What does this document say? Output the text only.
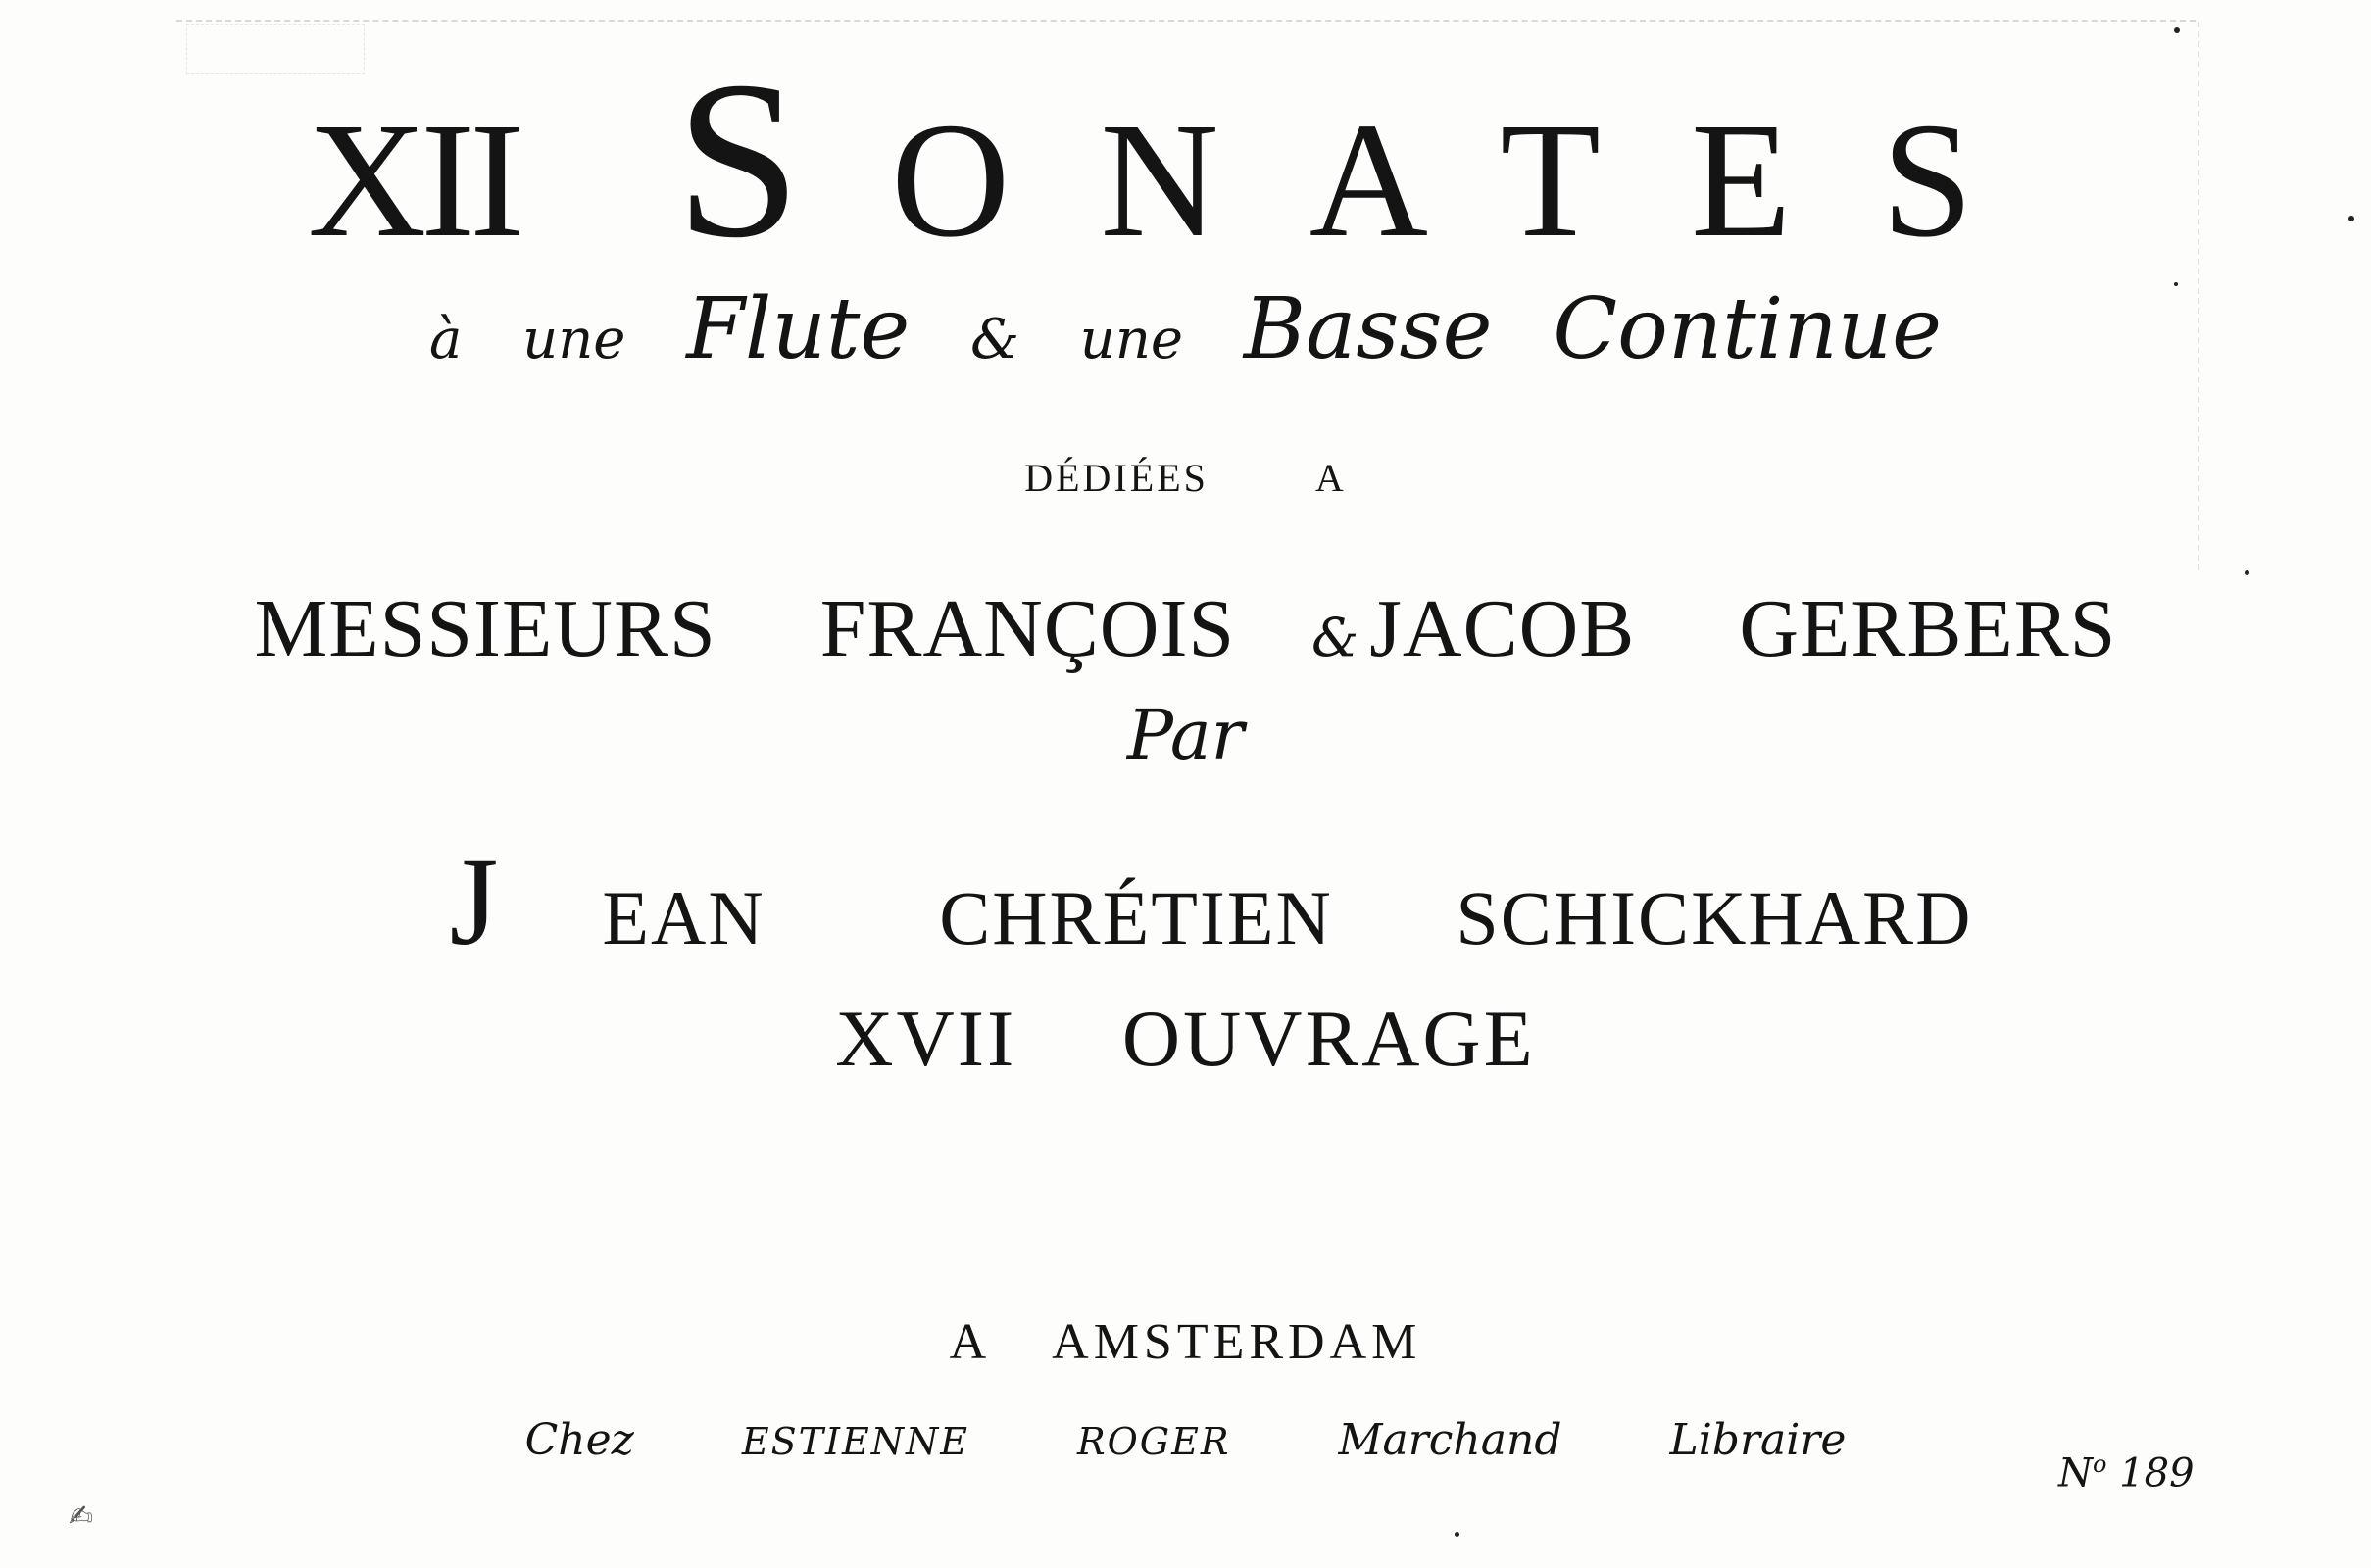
XII SONATES
à une Flute & une Basse Continue
DÉDIÉES	A
MESSIEURS FRANÇOIS & JACOB GERBERS
Par
J EAN CHRÉTIEN SCHICKHARD
XVII OUVRAGE
A AMSTERDAM
Chez	ESTIENNE	ROGER	Marchand	Libraire
$N^o$ 189
✍︎
